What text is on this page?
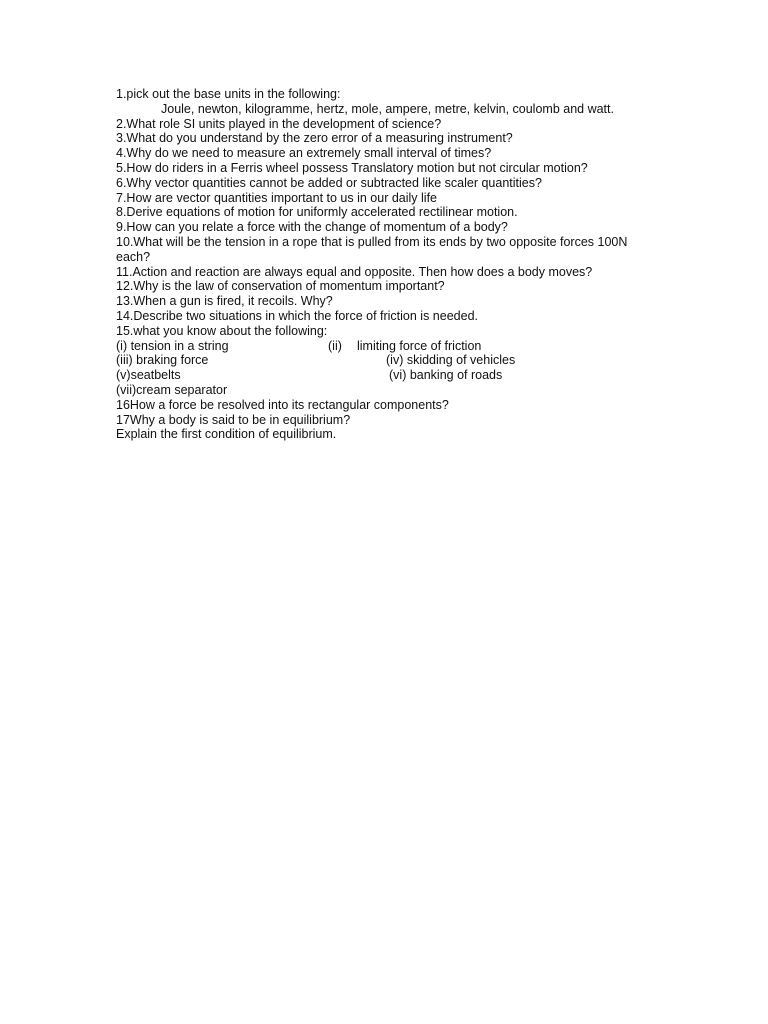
1.pick out the base units in the following:
Joule, newton, kilogramme, hertz, mole, ampere, metre, kelvin, coulomb and watt.
2.What role SI units played in the development of science?
3.What do you understand by the zero error of a measuring instrument?
4.Why do we need to measure an extremely small interval of times?
5.How do riders in a Ferris wheel possess Translatory motion but not circular motion?
6.Why vector quantities cannot be added or subtracted like scaler quantities?
7.How are vector quantities important to us in our daily life
8.Derive equations of motion for uniformly accelerated rectilinear motion.
9.How can you relate a force with the change of momentum of a body?
10.What will be the tension in a rope that is pulled from its ends by two opposite forces 100N each?
11.Action and reaction are always equal and opposite. Then how does a body moves?
12.Why is the law of conservation of momentum important?
13.When a gun is fired, it recoils. Why?
14.Describe two situations in which the force of friction is needed.
15.what you know about the following:
(i) tension in a string	(ii) limiting force of friction
(iii) braking force	(iv) skidding of vehicles
(v)seatbelts	(vi) banking of roads
(vii)cream separator
16How a force be resolved into its rectangular components?
17Why a body is said to be in equilibrium?
Explain the first condition of equilibrium.
